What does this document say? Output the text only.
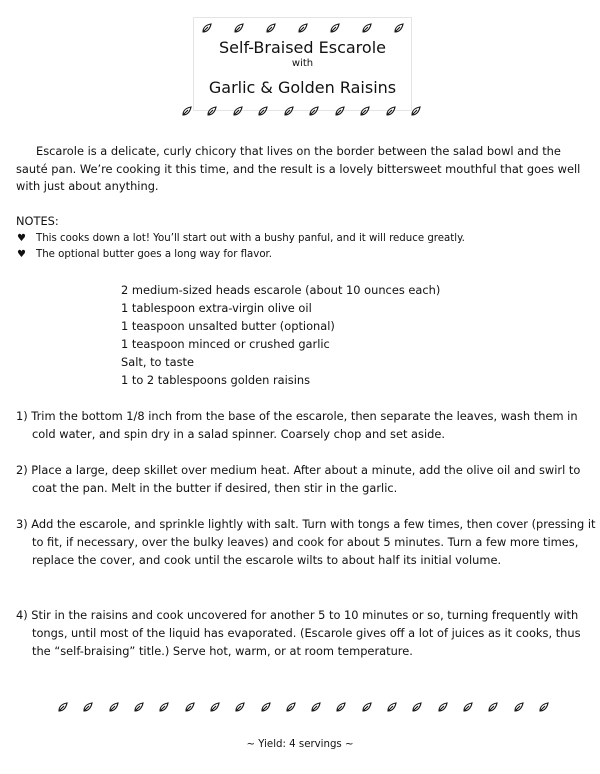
Self-Braised Escarole
with
Garlic & Golden Raisins

Escarole is a delicate, curly chicory that lives on the border between the salad bowl and the sauté pan. We’re cooking it this time, and the result is a lovely bittersweet mouthful that goes well with just about anything.

NOTES:
♥ This cooks down a lot! You’ll start out with a bushy panful, and it will reduce greatly.
♥ The optional butter goes a long way for flavor.
2 medium-sized heads escarole (about 10 ounces each)
1 tablespoon extra-virgin olive oil
1 teaspoon unsalted butter (optional)
1 teaspoon minced or crushed garlic
Salt, to taste
1 to 2 tablespoons golden raisins

1) Trim the bottom 1/8 inch from the base of the escarole, then separate the leaves, wash them in cold water, and spin dry in a salad spinner. Coarsely chop and set aside.

2) Place a large, deep skillet over medium heat. After about a minute, add the olive oil and swirl to coat the pan. Melt in the butter if desired, then stir in the garlic.

3) Add the escarole, and sprinkle lightly with salt. Turn with tongs a few times, then cover (pressing it to fit, if necessary, over the bulky leaves) and cook for about 5 minutes. Turn a few more times, replace the cover, and cook until the escarole wilts to about half its initial volume.

4) Stir in the raisins and cook uncovered for another 5 to 10 minutes or so, turning frequently with tongs, until most of the liquid has evaporated. (Escarole gives off a lot of juices as it cooks, thus the “self-braising” title.) Serve hot, warm, or at room temperature.

~ Yield: 4 servings ~
